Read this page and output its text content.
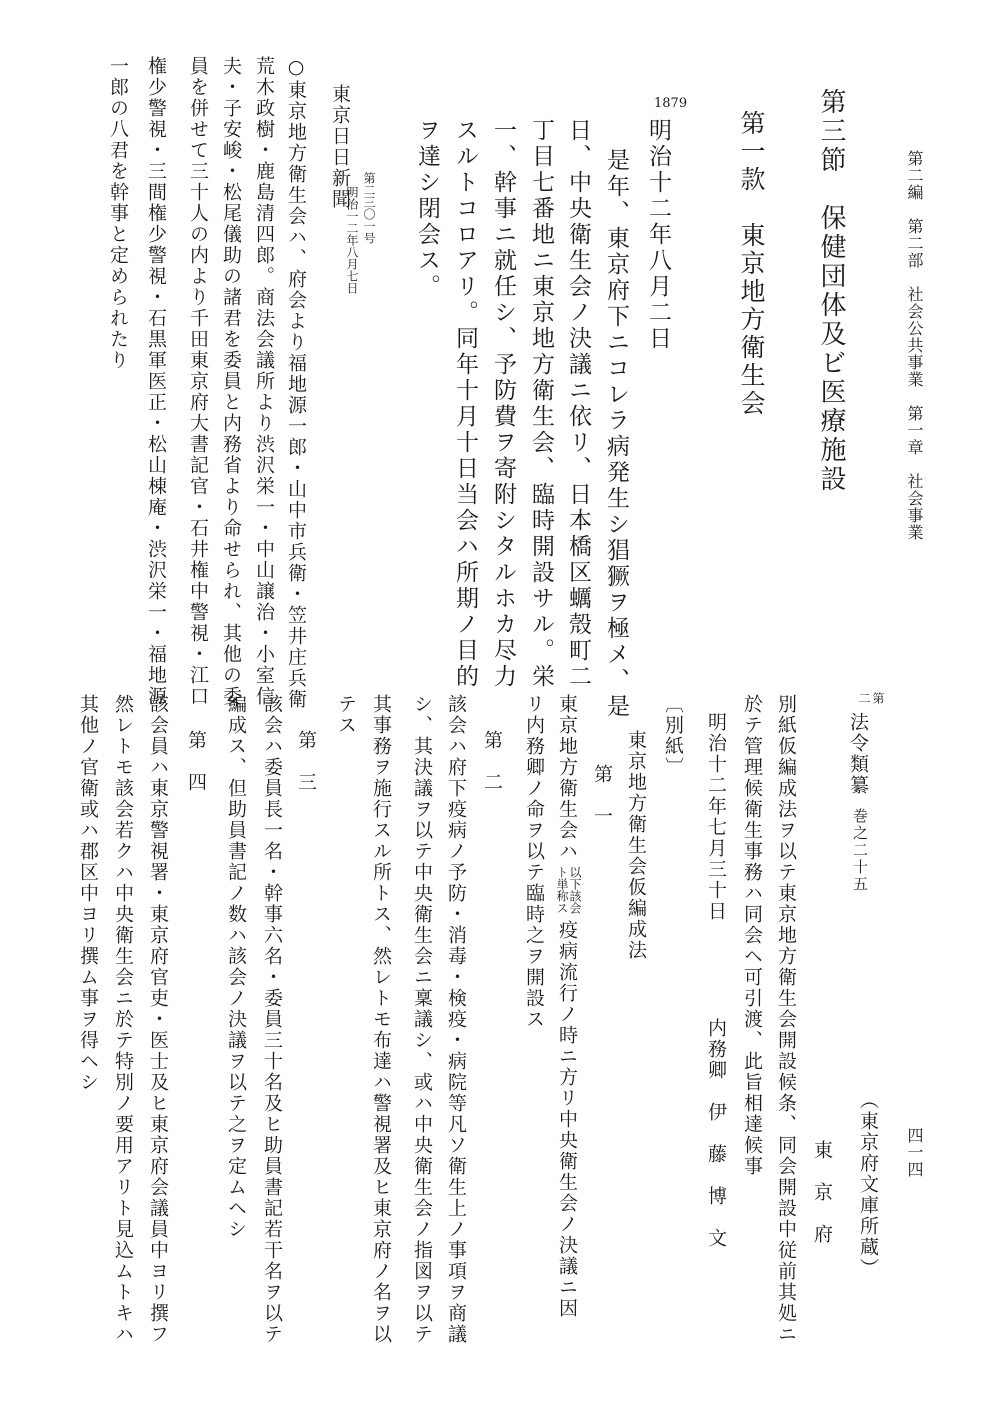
第二編　第二部　社会公共事業　第一章　社会事業
四一四
第三節　保健団体及ビ医療施設
第一款　東京地方衛生会
1879
明治十二年八月二日
是年、東京府下ニコレラ病発生シ猖獗ヲ極メ、是
日、中央衛生会ノ決議ニ依リ、日本橋区蠣殼町二
丁目七番地ニ東京地方衛生会、臨時開設サル。栄
一、幹事ニ就任シ、予防費ヲ寄附シタルホカ尽力
スルトコロアリ。同年十月十日当会ハ所期ノ目的
ヲ達シ閉会ス。
東京日日新聞 第二三〇一号
明治一二年八月七日
○東京地方衛生会ハ、府会より福地源一郎・山中市兵衛・笠井庄兵衛
荒木政樹・鹿島清四郎。商法会議所より渋沢栄一・中山譲治・小室信
夫・子安峻・松尾儀助の諸君を委員と内務省より命せられ、其他の委
員を併せて三十人の内より千田東京府大書記官・石井権中警視・江口
権少警視・三間権少警視・石黒軍医正・松山棟庵・渋沢栄一・福地源
一郎の八君を幹事と定められたり
（東京府文庫所蔵）
第
二
法令類纂
巻之二十五
東　京　府
別紙仮編成法ヲ以テ東京地方衛生会開設候条、同会開設中従前其処ニ
於テ管理候衛生事務ハ同会ヘ可引渡、此旨相達候事
明治十二年七月三十日
内務卿　伊　藤　博　文
〔別紙〕
東京地方衛生会仮編成法
第　一
東京地方衛生会ハ
以下該会
ト単称ス
疫病流行ノ時ニ方リ中央衛生会ノ決議ニ因
リ内務卿ノ命ヲ以テ臨時之ヲ開設ス
第　二
該会ハ府下疫病ノ予防・消毒・検疫・病院等凡ソ衛生上ノ事項ヲ商議
シ、其決議ヲ以テ中央衛生会ニ稟議シ、或ハ中央衛生会ノ指図ヲ以テ
其事務ヲ施行スル所トス、然レトモ布達ハ警視署及ヒ東京府ノ名ヲ以
テス
第　三
該会ハ委員長一名・幹事六名・委員三十名及ヒ助員書記若干名ヲ以テ
編成ス、但助員書記ノ数ハ該会ノ決議ヲ以テ之ヲ定ムヘシ
第　四
該会員ハ東京警視署・東京府官吏・医士及ヒ東京府会議員中ヨリ撰フ
然レトモ該会若クハ中央衛生会ニ於テ特別ノ要用アリト見込ムトキハ
其他ノ官衛或ハ郡区中ヨリ撰ム事ヲ得ヘシ
